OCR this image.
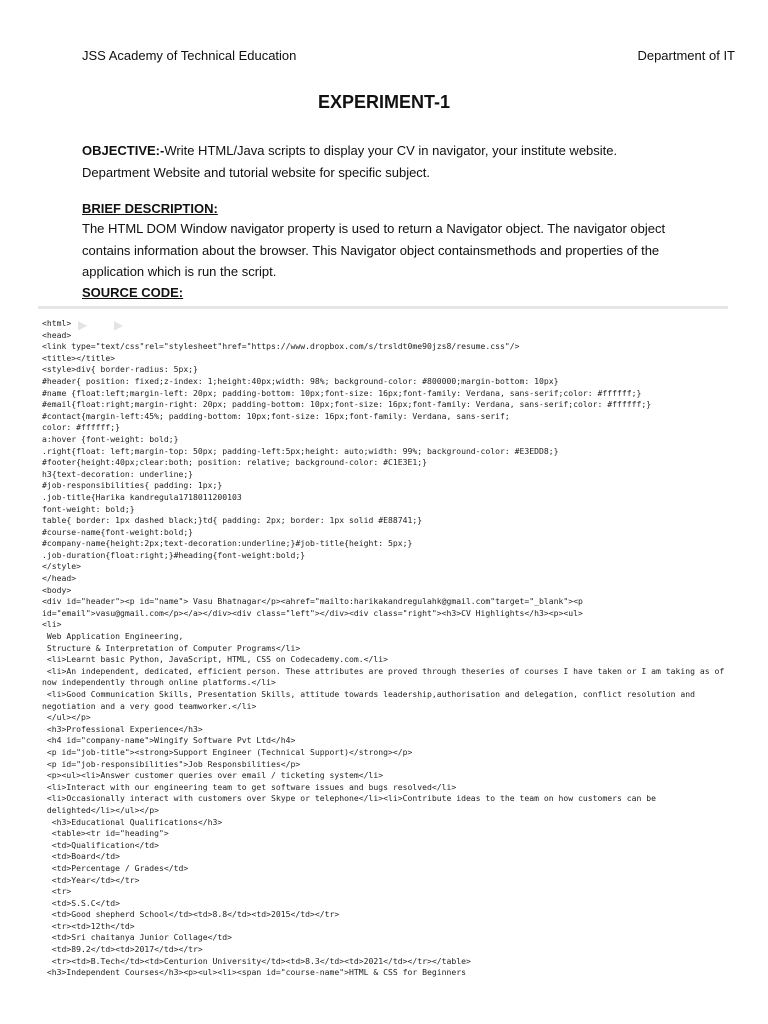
JSS Academy of Technical Education	Department of IT
EXPERIMENT-1
OBJECTIVE:-Write HTML/Java scripts to display your CV in navigator, your institute website. Department Website and tutorial website for specific subject.
BRIEF DESCRIPTION:
The HTML DOM Window navigator property is used to return a Navigator object. The navigator object contains information about the browser. This Navigator object containsmethods and properties of the application which is run the script.
SOURCE CODE:
<html>
<head>
<link type="text/css"rel="stylesheet"href="https://www.dropbox.com/s/trsldt0me90jzs8/resume.css"/>
<title></title>
<style>div{ border-radius: 5px;}
#header{ position: fixed;z-index: 1;height:40px;width: 98%; background-color: #800000;margin-bottom: 10px}
#name {float:left;margin-left: 20px; padding-bottom: 10px;font-size: 16px;font-family: Verdana, sans-serif;color: #ffffff;}
#email{float:right;margin-right: 20px; padding-bottom: 10px;font-size: 16px;font-family: Verdana, sans-serif;color: #ffffff;}
#contact{margin-left:45%; padding-bottom: 10px;font-size: 16px;font-family: Verdana, sans-serif;
color: #ffffff;}
a:hover {font-weight: bold;}
.right{float: left;margin-top: 50px; padding-left:5px;height: auto;width: 99%; background-color: #E3EDD8;}
#footer{height:40px;clear:both; position: relative; background-color: #C1E3E1;}
h3{text-decoration: underline;}
#job-responsibilities{ padding: 1px;}
.job-title{Harika kandregula1718011200103
font-weight: bold;}
table{ border: 1px dashed black;}td{ padding: 2px; border: 1px solid #E88741;}
#course-name{font-weight:bold;}
#company-name{height:2px;text-decoration:underline;}#job-title{height: 5px;}
.job-duration{float:right;}#heading{font-weight:bold;}
</style>
</head>
<body>
<div id="header"><p id="name"> Vasu Bhatnagar</p><ahref="mailto:harikakandregulahk@gmail.com"target="_blank"><p
id="email">vasu@gmail.com</p></a></div><div class="left"></div><div class="right"><h3>CV Highlights</h3><p><ul>
<li>
Web Application Engineering,
Structure & Interpretation of Computer Programs</li>
<li>Learnt basic Python, JavaScript, HTML, CSS on Codecademy.com.</li>
<li>An independent, dedicated, efficient person. These attributes are proved through theseries of courses I have taken or I am taking as of
now independently through online platforms.</li>
<li>Good Communication Skills, Presentation Skills, attitude towards leadership,authorisation and delegation, conflict resolution and
negotiation and a very good teamworker.</li>
</ul></p>
<h3>Professional Experience</h3>
<h4 id="company-name">Wingify Software Pvt Ltd</h4>
<p id="job-title"><strong>Support Engineer (Technical Support)</strong></p>
<p id="job-responsibilities">Job Responsbilities</p>
<p><ul><li>Answer customer queries over email / ticketing system</li>
<li>Interact with our engineering team to get software issues and bugs resolved</li>
<li>Occasionally interact with customers over Skype or telephone</li><li>Contribute ideas to the team on how customers can be
delighted</li></ul></p>
<h3>Educational Qualifications</h3>
<table><tr id="heading">
<td>Qualification</td>
<td>Board</td>
<td>Percentage / Grades</td>
<td>Year</td></tr>
<tr>
<td>S.S.C</td>
<td>Good shepherd School</td><td>8.8</td><td>2015</td></tr>
<tr><td>12th</td>
<td>Sri chaitanya Junior Collage</td>
<td>89.2</td><td>2017</td></tr>
<tr><td>B.Tech</td><td>Centurion University</td><td>8.3</td><td>2021</td></tr></table>
<h3>Independent Courses</h3><p><ul><li><span id="course-name">HTML & CSS for Beginners
▶ ▶
